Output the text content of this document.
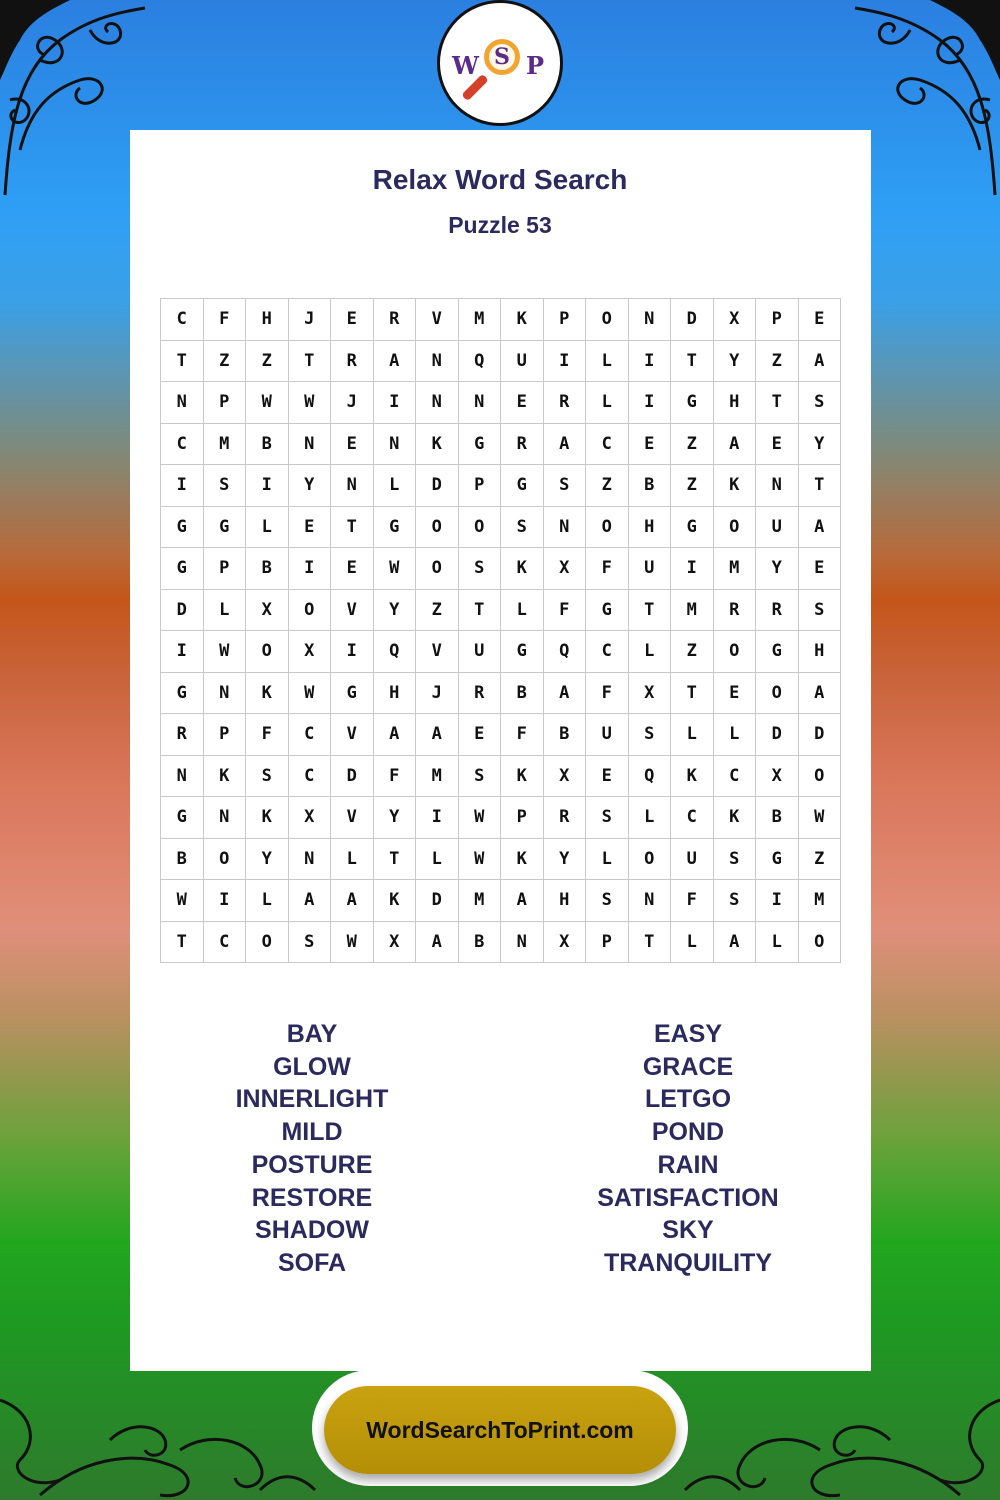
W S P
Relax Word Search
Puzzle 53
C	F	H	J	E	R	V	M	K	P	O	N	D	X	P	E
T	Z	Z	T	R	A	N	Q	U	I	L	I	T	Y	Z	A
N	P	W	W	J	I	N	N	E	R	L	I	G	H	T	S
C	M	B	N	E	N	K	G	R	A	C	E	Z	A	E	Y
I	S	I	Y	N	L	D	P	G	S	Z	B	Z	K	N	T
G	G	L	E	T	G	O	O	S	N	O	H	G	O	U	A
G	P	B	I	E	W	O	S	K	X	F	U	I	M	Y	E
D	L	X	O	V	Y	Z	T	L	F	G	T	M	R	R	S
I	W	O	X	I	Q	V	U	G	Q	C	L	Z	O	G	H
G	N	K	W	G	H	J	R	B	A	F	X	T	E	O	A
R	P	F	C	V	A	A	E	F	B	U	S	L	L	D	D
N	K	S	C	D	F	M	S	K	X	E	Q	K	C	X	O
G	N	K	X	V	Y	I	W	P	R	S	L	C	K	B	W
B	O	Y	N	L	T	L	W	K	Y	L	O	U	S	G	Z
W	I	L	A	A	K	D	M	A	H	S	N	F	S	I	M
T	C	O	S	W	X	A	B	N	X	P	T	L	A	L	O
BAY
GLOW
INNERLIGHT
MILD
POSTURE
RESTORE
SHADOW
SOFA
EASY
GRACE
LETGO
POND
RAIN
SATISFACTION
SKY
TRANQUILITY
WordSearchToPrint.com
